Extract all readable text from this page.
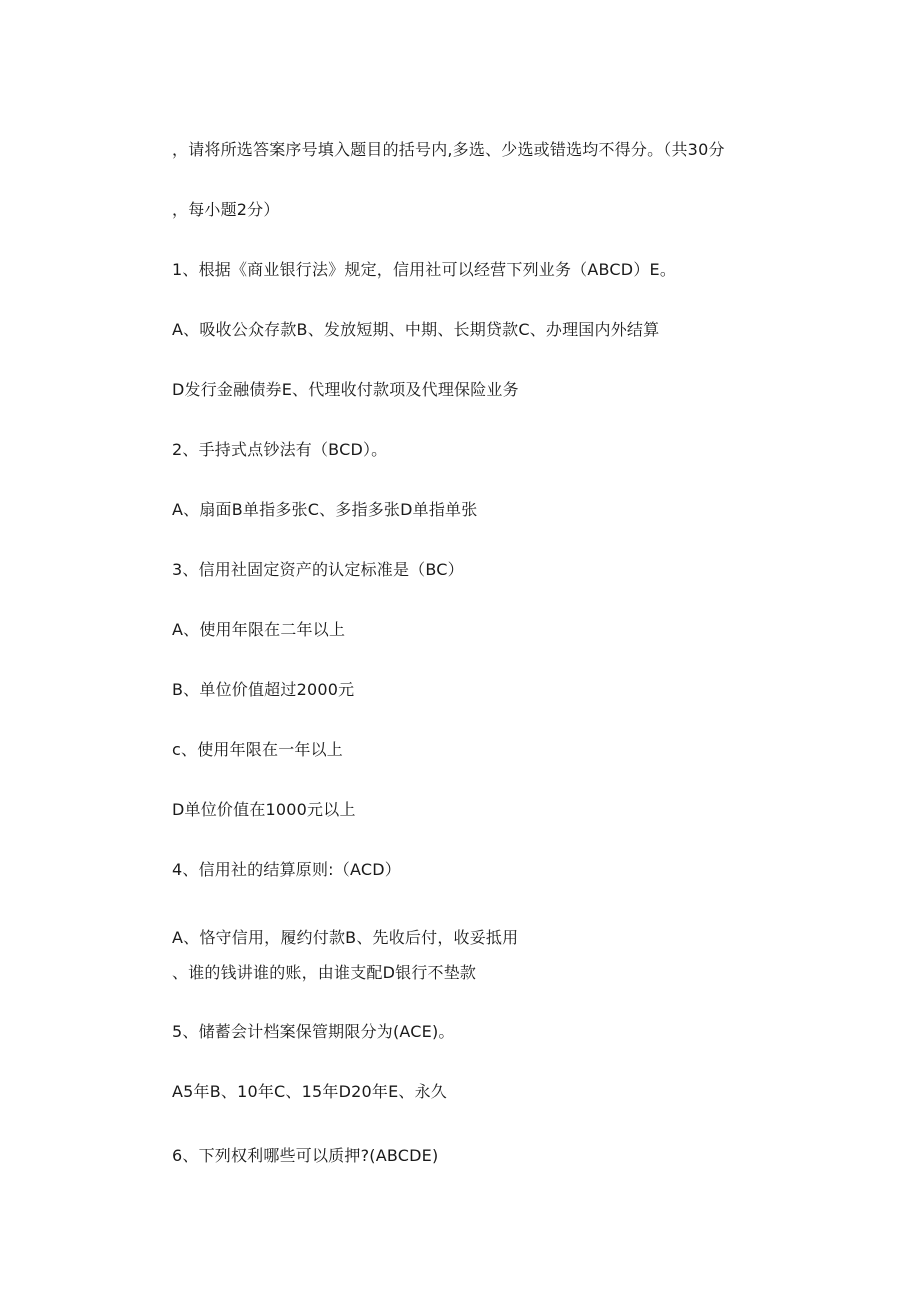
，请将所选答案序号填入题目的括号内,多选、少选或错选均不得分。（共30分
，每小题2分）
1、根据《商业银行法》规定，信用社可以经营下列业务（ABCD）E。
A、吸收公众存款B、发放短期、中期、长期贷款C、办理国内外结算
D发行金融债券E、代理收付款项及代理保险业务
2、手持式点钞法有（BCD）。
A、扇面B单指多张C、多指多张D单指单张
3、信用社固定资产的认定标准是（BC）
A、使用年限在二年以上
B、单位价值超过2000元
c、使用年限在一年以上
D单位价值在1000元以上
4、信用社的结算原则:（ACD）
A、恪守信用，履约付款B、先收后付，收妥抵用
、谁的钱讲谁的账，由谁支配D银行不垫款
5、储蓄会计档案保管期限分为(ACE)。
A5年B、10年C、15年D20年E、永久
6、下列权利哪些可以质押?(ABCDE)
